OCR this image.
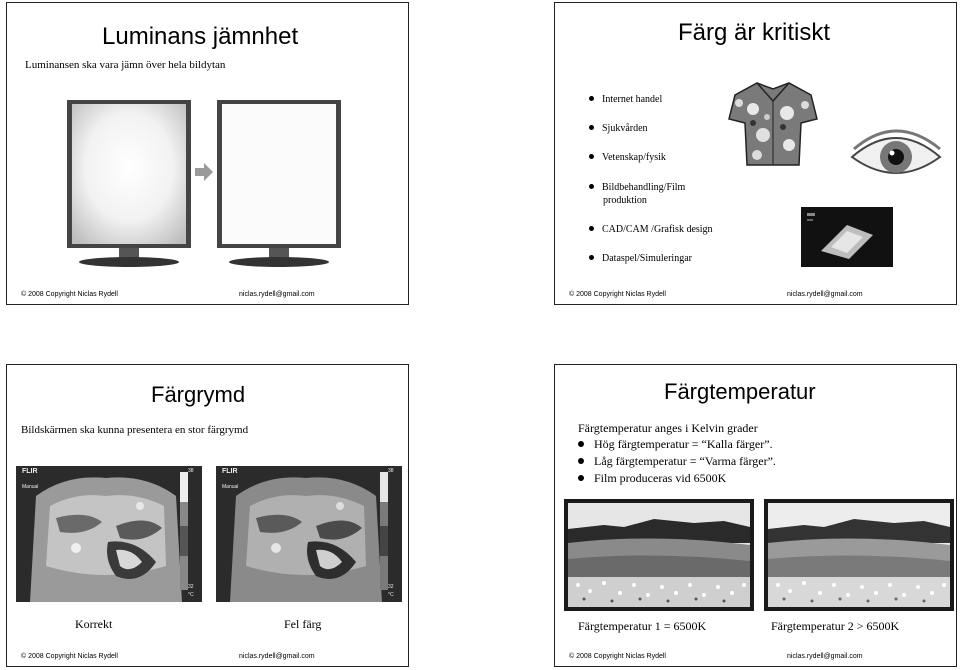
Luminans jämnhet
Luminansen ska vara jämn över hela bildytan
© 2008 Copyright Niclas Rydell	niclas.rydell@gmail.com
Färg är kritiskt
Internet handel
Sjukvården
Vetenskap/fysik
Bildbehandling/Film
produktion
CAD/CAM /Grafisk design
Dataspel/Simuleringar
© 2008 Copyright Niclas Rydell	niclas.rydell@gmail.com
Färgrymd
Bildskärmen ska kunna presentera en stor färgrymd
FLIR
Manual
38
32
°C
FLIR
Manual
38
32
°C
Korrekt	Fel färg
© 2008 Copyright Niclas Rydell	niclas.rydell@gmail.com
Färgtemperatur
Färgtemperatur anges i Kelvin grader
Hög färgtemperatur = “Kalla färger”.
Låg färgtemperatur = “Varma färger”.
Film produceras vid 6500K
Färgtemperatur 1 = 6500K	Färgtemperatur 2 > 6500K
© 2008 Copyright Niclas Rydell	niclas.rydell@gmail.com
